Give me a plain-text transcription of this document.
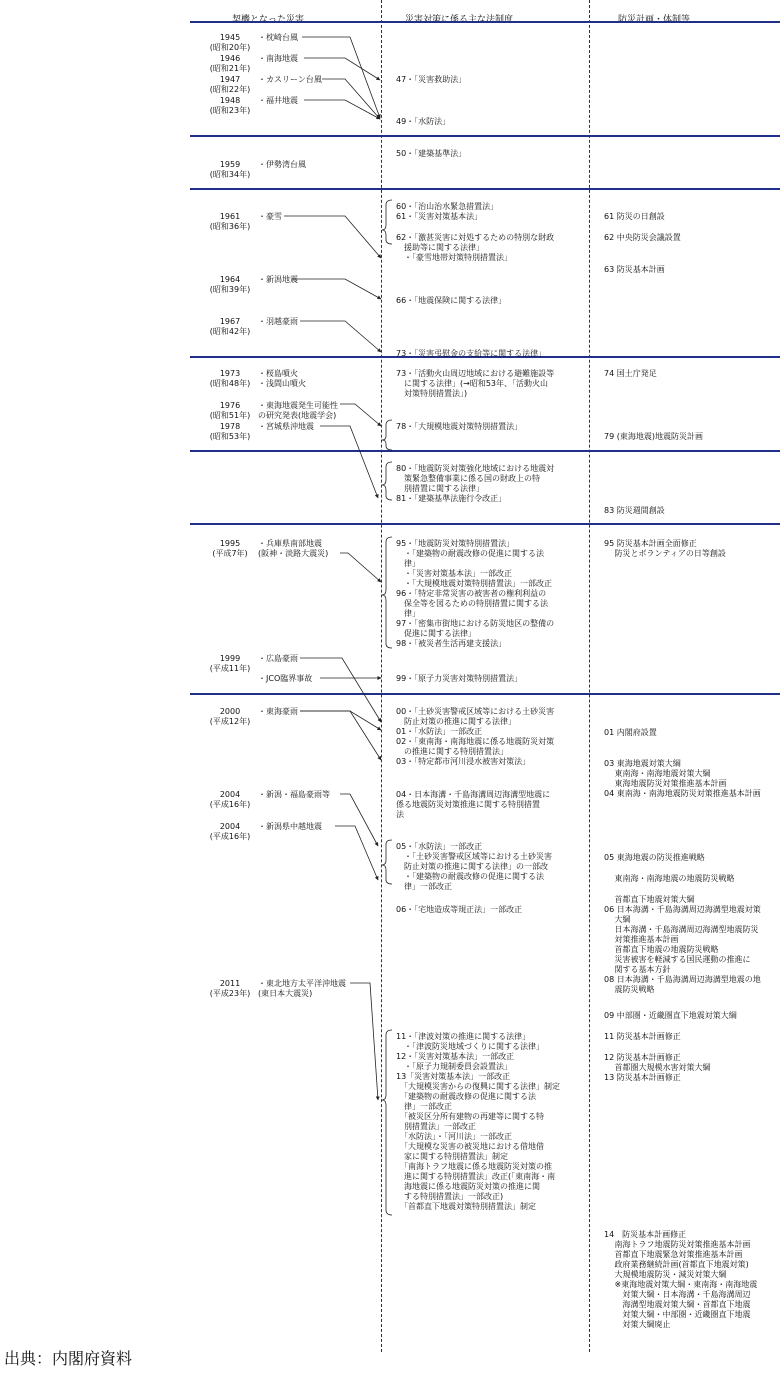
契機となった災害	災害対策に係る主な法制度	防災計画・体制等
1945
(昭和20年)
1946
(昭和21年)
1947
(昭和22年)
1948
(昭和23年)
1959
(昭和34年)
1961
(昭和36年)
1964
(昭和39年)
1967
(昭和42年)
1973
(昭和48年)
1976
(昭和51年)
1978
(昭和53年)
1995
(平成7年)
1999
(平成11年)
2000
(平成12年)
2004
(平成16年)
2004
(平成16年)
2011
(平成23年)
・枕崎台風
・南海地震
・カスリーン台風
・福井地震
・伊勢湾台風
・豪雪
・新潟地震
・羽越豪雨
・桜島噴火
・浅間山噴火
・東海地震発生可能性
の研究発表(地震学会)
・宮城県沖地震
・兵庫県南部地震
(阪神・淡路大震災)
・広島豪雨
・JCO臨界事故
・東海豪雨
・新潟・福島豪雨等
・新潟県中越地震
・東北地方太平洋沖地震
(東日本大震災)
47・「災害救助法」
49・「水防法」
50・「建築基準法」
60・「治山治水緊急措置法」
61・「災害対策基本法」
62・「激甚災害に対処するための特別な財政
　援助等に関する法律」
　・「豪雪地帯対策特別措置法」
66・「地震保険に関する法律」
73・「災害弔慰金の支給等に関する法律」
73・「活動火山周辺地域における避難施設等
　に関する法律」(→昭和53年、「活動火山
　対策特別措置法」)
78・「大規模地震対策特別措置法」
80・「地震防災対策強化地域における地震対
　策緊急整備事業に係る国の財政上の特
　別措置に関する法律」
81・「建築基準法施行令改正」
95・「地震防災対策特別措置法」
　・「建築物の耐震改修の促進に関する法
　律」
　・「災害対策基本法」一部改正
　・「大規模地震対策特別措置法」一部改正
96・「特定非常災害の被害者の権利利益の
　保全等を図るための特別措置に関する法
　律」
97・「密集市街地における防災地区の整備の
　促進に関する法律」
98・「被災者生活再建支援法」
99・「原子力災害対策特別措置法」
00・「土砂災害警戒区域等における土砂災害
　防止対策の推進に関する法律」
01・「水防法」一部改正
02・「東南海・南海地震に係る地震防災対策
　の推進に関する特別措置法」
03・「特定都市河川浸水被害対策法」
04・日本海溝・千島海溝周辺海溝型地震に
係る地震防災対策推進に関する特別措置
法
05・「水防法」一部改正
　・「土砂災害警戒区域等における土砂災害
　防止対策の推進に関する法律」の一部改
　・「建築物の耐震改修の促進に関する法
　律」一部改正
06・「宅地造成等規正法」一部改正
11・「津波対策の推進に関する法律」
　・「津波防災地域づくりに関する法律」
12・「災害対策基本法」一部改正
　・「原子力規制委員会設置法」
13「災害対策基本法」一部改正
　「大規模災害からの復興に関する法律」制定
　「建築物の耐震改修の促進に関する法
　律」一部改正
　「被災区分所有建物の再建等に関する特
　別措置法」一部改正
　「水防法」・「河川法」一部改正
　「大規模な災害の被災地における借地借
　家に関する特別措置法」制定
　「南海トラフ地震に係る地震防災対策の推
　進に関する特別措置法」改正(「東南海・南
　海地震に係る地震防災対策の推進に関
　する特別措置法」一部改正)
　「首都直下地震対策特別措置法」制定
61 防災の日創設
62 中央防災会議設置
63 防災基本計画
74 国土庁発足
79 (東海地震)地震防災計画
83 防災週間創設
95 防災基本計画全面修正
　 防災とボランティアの日等創設
01 内閣府設置
03 東海地震対策大綱
　 東南海・南海地震対策大綱
　 東海地震防災対策推進基本計画
04 東南海・南海地震防災対策推進基本計画
05 東海地震の防災推進戦略
　 東南海・南海地震の地震防災戦略
　 首都直下地震対策大綱
06 日本海溝・千島海溝周辺海溝型地震対策
　 大綱
　 日本海溝・千島海溝周辺海溝型地震防災
　 対策推進基本計画
　 首都直下地震の地震防災戦略
　 災害被害を軽減する国民運動の推進に
　 関する基本方針
08 日本海溝・千島海溝周辺海溝型地震の地
　 震防災戦略
09 中部圏・近畿圏直下地震対策大綱
11 防災基本計画修正
12 防災基本計画修正
　 首都圏大規模水害対策大綱
13 防災基本計画修正
14　防災基本計画修正
　 南海トラフ地震防災対策推進基本計画
　 首都直下地震緊急対策推進基本計画
　 政府業務継続計画(首都直下地震対策)
　 大規模地震防災・減災対策大綱
　 ※東海地震対策大綱・東南海・南海地震
　 　対策大綱・日本海溝・千島海溝周辺
　 　海溝型地震対策大綱・首都直下地震
　 　対策大綱・中部圏・近畿圏直下地震
　 　対策大綱廃止
出典：内閣府資料
